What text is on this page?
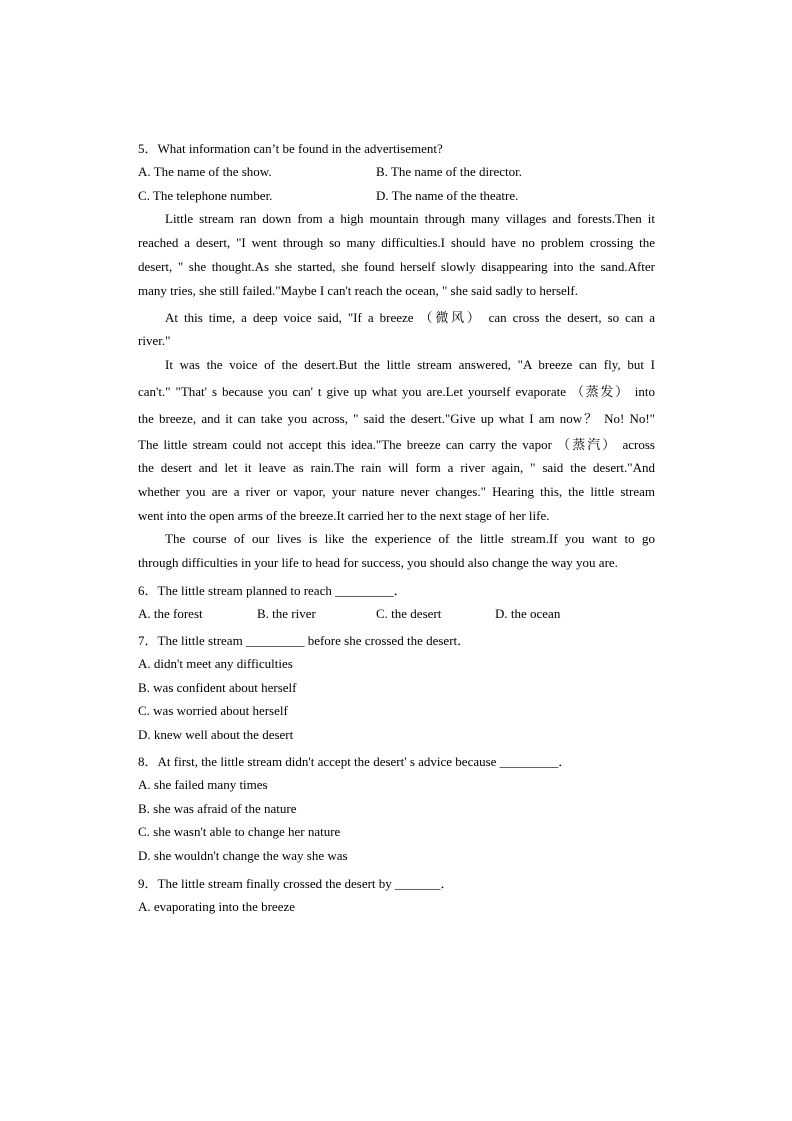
5．What information can’t be found in the advertisement?
A. The name of the show.	B. The name of the director.
C. The telephone number.	D. The name of the theatre.
Little stream ran down from a high mountain through many villages and forests.Then it
reached a desert, "I went through so many difficulties.I should have no problem crossing the
desert, " she thought.As she started, she found herself slowly disappearing into the sand.After
many tries, she still failed."Maybe I can't reach the ocean, " she said sadly to herself.
At this time, a deep voice said, "If a breeze （微风） can cross the desert, so can a
river."
It was the voice of the desert.But the little stream answered, "A breeze can fly, but I
can't." "That' s because you can' t give up what you are.Let yourself evaporate （蒸发） into
the breeze, and it can take you across, " said the desert."Give up what I am now？ No! No!"
The little stream could not accept this idea."The breeze can carry the vapor （蒸汽） across
the desert and let it leave as rain.The rain will form a river again, " said the desert."And
whether you are a river or vapor, your nature never changes." Hearing this, the little stream
went into the open arms of the breeze.It carried her to the next stage of her life.
The course of our lives is like the experience of the little stream.If you want to go
through difficulties in your life to head for success, you should also change the way you are.
6．The little stream planned to reach _________．
A. the forest	B. the river	C. the desert	D. the ocean
7．The little stream _________ before she crossed the desert．
A. didn't meet any difficulties
B. was confident about herself
C. was worried about herself
D. knew well about the desert
8．At first, the little stream didn't accept the desert' s advice because _________．
A. she failed many times
B. she was afraid of the nature
C. she wasn't able to change her nature
D. she wouldn't change the way she was
9．The little stream finally crossed the desert by _______．
A. evaporating into the breeze
